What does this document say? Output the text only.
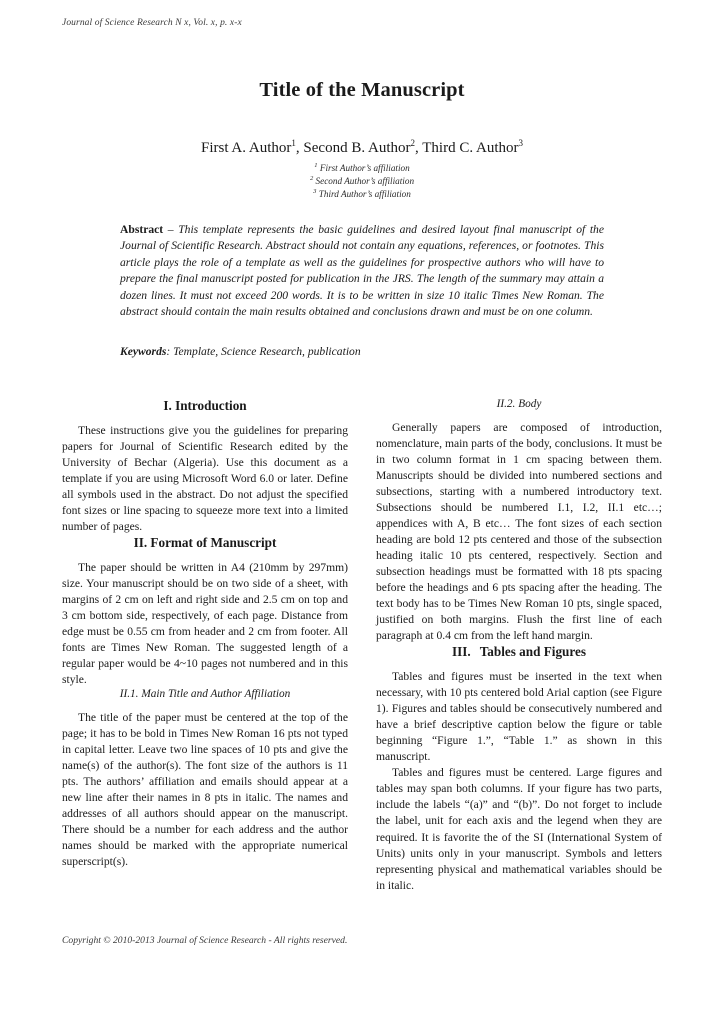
Journal of Science Research N x, Vol. x, p. x-x
Title of the Manuscript
First A. Author$^1$, Second B. Author$^2$, Third C. Author$^3$
$^1$ First Author’s affiliation
$^2$ Second Author’s affiliation
$^3$ Third Author’s affiliation
Abstract – This template represents the basic guidelines and desired layout final manuscript of the Journal of Scientific Research. Abstract should not contain any equations, references, or footnotes. This article plays the role of a template as well as the guidelines for prospective authors who will have to prepare the final manuscript posted for publication in the JRS. The length of the summary may attain a dozen lines. It must not exceed 200 words. It is to be written in size 10 italic Times New Roman. The abstract should contain the main results obtained and conclusions drawn and must be on one column.
Keywords: Template, Science Research, publication
I. Introduction

These instructions give you the guidelines for preparing papers for Journal of Scientific Research edited by the University of Bechar (Algeria). Use this document as a template if you are using Microsoft Word 6.0 or later. Define all symbols used in the abstract. Do not adjust the specified font sizes or line spacing to squeeze more text into a limited number of pages.

II. Format of Manuscript

The paper should be written in A4 (210mm by 297mm) size. Your manuscript should be on two side of a sheet, with margins of 2 cm on left and right side and 2.5 cm on top and 3 cm bottom side, respectively, of each page. Distance from edge must be 0.55 cm from header and 2 cm from footer. All fonts are Times New Roman. The suggested length of a regular paper would be 4~10 pages not numbered and in this style.

II.1. Main Title and Author Affiliation

The title of the paper must be centered at the top of the page; it has to be bold in Times New Roman 16 pts not typed in capital letter. Leave two line spaces of 10 pts and give the name(s) of the author(s). The font size of the authors is 11 pts. The authors’ affiliation and emails should appear at a new line after their names in 8 pts in italic. The names and addresses of all authors should appear on the manuscript. There should be a number for each address and the author names should be marked with the appropriate numerical superscript(s).

II.2. Body

Generally papers are composed of introduction, nomenclature, main parts of the body, conclusions. It must be in two column format in 1 cm spacing between them. Manuscripts should be divided into numbered sections and subsections, starting with a numbered introductory text. Subsections should be numbered I.1, I.2, II.1 etc…; appendices with A, B etc… The font sizes of each section heading are bold 12 pts centered and those of the subsection heading italic 10 pts centered, respectively. Section and subsection headings must be formatted with 18 pts spacing before the headings and 6 pts spacing after the heading. The text body has to be Times New Roman 10 pts, single spaced, justified on both margins. Flush the first line of each paragraph at 0.4 cm from the left hand margin.

III. Tables and Figures

Tables and figures must be inserted in the text when necessary, with 10 pts centered bold Arial caption (see Figure 1). Figures and tables should be consecutively numbered and have a brief descriptive caption below the figure or table beginning “Figure 1.”, “Table 1.” as shown in this manuscript.

Tables and figures must be centered. Large figures and tables may span both columns. If your figure has two parts, include the labels “(a)” and “(b)”. Do not forget to include the label, unit for each axis and the legend when they are required. It is favorite the of the SI (International System of Units) units only in your manuscript. Symbols and letters representing physical and mathematical variables should be in italic.

Copyright © 2010-2013 Journal of Science Research - All rights reserved.
